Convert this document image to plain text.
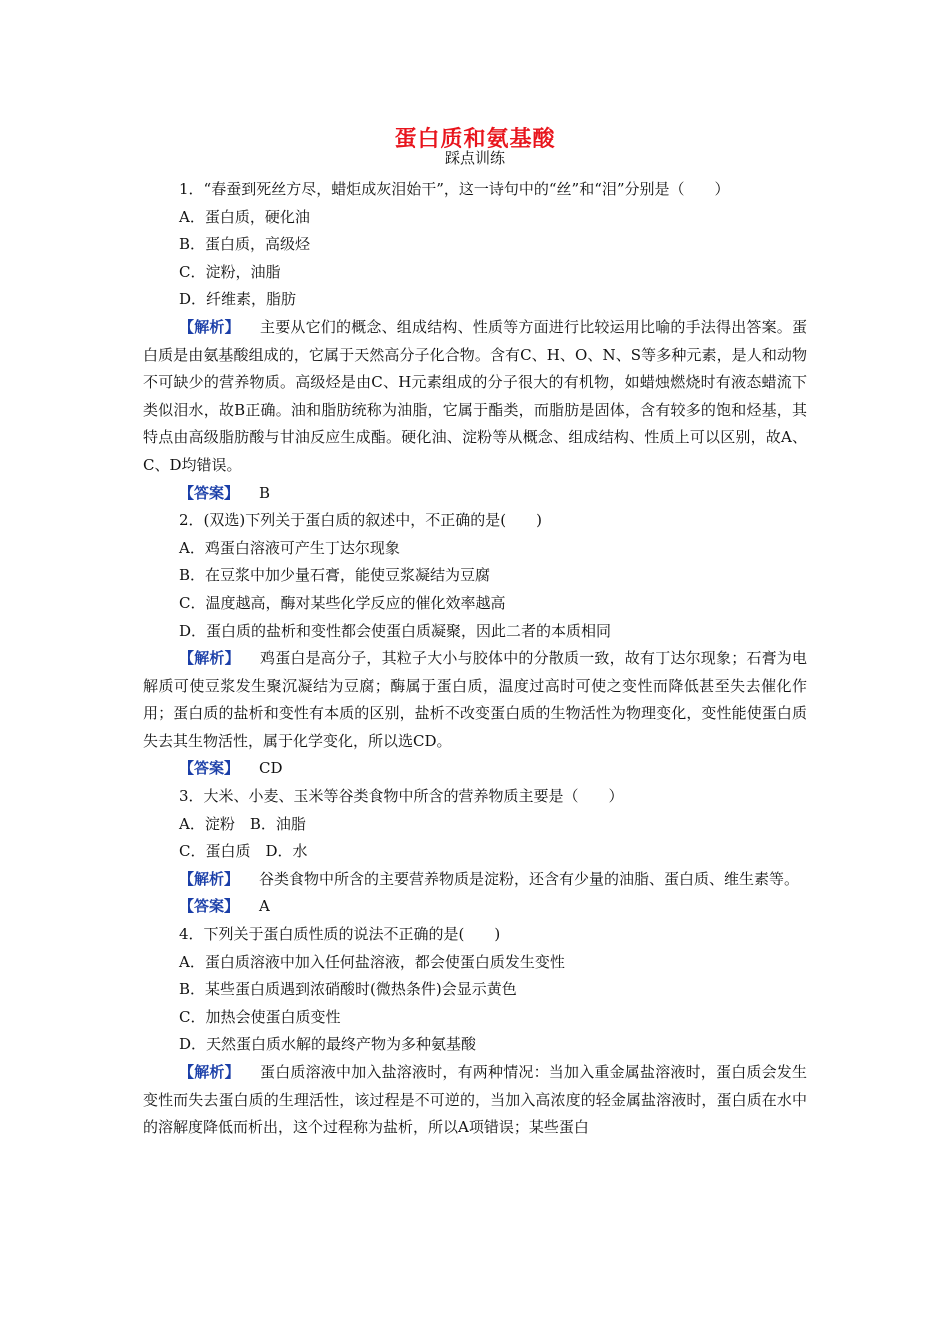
蛋白质和氨基酸
踩点训练

1．“春蚕到死丝方尽，蜡炬成灰泪始干”，这一诗句中的“丝”和“泪”分别是（　　）

A．蛋白质，硬化油

B．蛋白质，高级烃

C．淀粉，油脂

D．纤维素，脂肪

【解析】 主要从它们的概念、组成结构、性质等方面进行比较运用比喻的手法得出答案。蛋白质是由氨基酸组成的，它属于天然高分子化合物。含有C、H、O、N、S等多种元素，是人和动物不可缺少的营养物质。高级烃是由C、H元素组成的分子很大的有机物，如蜡烛燃烧时有液态蜡流下类似泪水，故B正确。油和脂肪统称为油脂，它属于酯类，而脂肪是固体，含有较多的饱和烃基，其特点由高级脂肪酸与甘油反应生成酯。硬化油、淀粉等从概念、组成结构、性质上可以区别，故A、C、D均错误。

【答案】 B

2．(双选)下列关于蛋白质的叙述中，不正确的是(　　)

A．鸡蛋白溶液可产生丁达尔现象

B．在豆浆中加少量石膏，能使豆浆凝结为豆腐

C．温度越高，酶对某些化学反应的催化效率越高

D．蛋白质的盐析和变性都会使蛋白质凝聚，因此二者的本质相同

【解析】 鸡蛋白是高分子，其粒子大小与胶体中的分散质一致，故有丁达尔现象；石膏为电解质可使豆浆发生聚沉凝结为豆腐；酶属于蛋白质，温度过高时可使之变性而降低甚至失去催化作用；蛋白质的盐析和变性有本质的区别，盐析不改变蛋白质的生物活性为物理变化，变性能使蛋白质失去其生物活性，属于化学变化，所以选CD。

【答案】 CD

3．大米、小麦、玉米等谷类食物中所含的营养物质主要是（　　）

A．淀粉　B．油脂

C．蛋白质　D．水

【解析】 谷类食物中所含的主要营养物质是淀粉，还含有少量的油脂、蛋白质、维生素等。

【答案】 A

4．下列关于蛋白质性质的说法不正确的是(　　)

A．蛋白质溶液中加入任何盐溶液，都会使蛋白质发生变性

B．某些蛋白质遇到浓硝酸时(微热条件)会显示黄色

C．加热会使蛋白质变性

D．天然蛋白质水解的最终产物为多种氨基酸

【解析】 蛋白质溶液中加入盐溶液时，有两种情况：当加入重金属盐溶液时，蛋白质会发生变性而失去蛋白质的生理活性，该过程是不可逆的，当加入高浓度的轻金属盐溶液时，蛋白质在水中的溶解度降低而析出，这个过程称为盐析，所以A项错误；某些蛋白
